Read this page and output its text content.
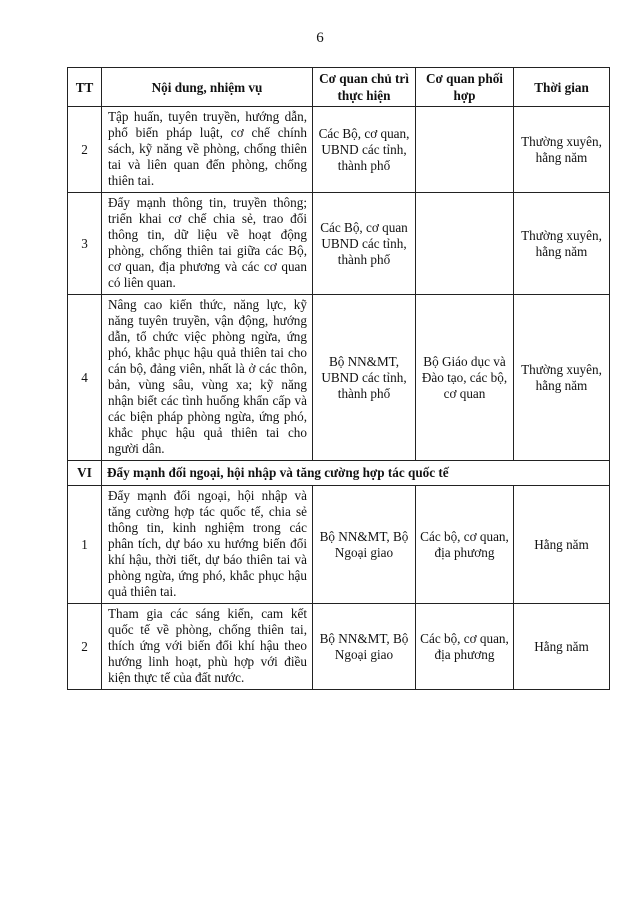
6
TT	Nội dung, nhiệm vụ	Cơ quan chủ trì thực hiện	Cơ quan phối hợp	Thời gian
2	Tập huấn, tuyên truyền, hướng dẫn, phổ biến pháp luật, cơ chế chính sách, kỹ năng về phòng, chống thiên tai và liên quan đến phòng, chống thiên tai.	Các Bộ, cơ quan, UBND các tỉnh, thành phố		Thường xuyên, hằng năm
3	Đẩy mạnh thông tin, truyền thông; triển khai cơ chế chia sẻ, trao đổi thông tin, dữ liệu về hoạt động phòng, chống thiên tai giữa các Bộ, cơ quan, địa phương và các cơ quan có liên quan.	Các Bộ, cơ quan UBND các tỉnh, thành phố		Thường xuyên, hằng năm
4	Nâng cao kiến thức, năng lực, kỹ năng tuyên truyền, vận động, hướng dẫn, tổ chức việc phòng ngừa, ứng phó, khắc phục hậu quả thiên tai cho cán bộ, đảng viên, nhất là ở các thôn, bản, vùng sâu, vùng xa; kỹ năng nhận biết các tình huống khẩn cấp và các biện pháp phòng ngừa, ứng phó, khắc phục hậu quả thiên tai cho người dân.	Bộ NN&MT, UBND các tỉnh, thành phố	Bộ Giáo dục và Đào tạo, các bộ, cơ quan	Thường xuyên, hằng năm
VI	Đẩy mạnh đối ngoại, hội nhập và tăng cường hợp tác quốc tế			
1	Đẩy mạnh đối ngoại, hội nhập và tăng cường hợp tác quốc tế, chia sẻ thông tin, kinh nghiệm trong các phân tích, dự báo xu hướng biến đổi khí hậu, thời tiết, dự báo thiên tai và phòng ngừa, ứng phó, khắc phục hậu quả thiên tai.	Bộ NN&MT, Bộ Ngoại giao	Các bộ, cơ quan, địa phương	Hằng năm
2	Tham gia các sáng kiến, cam kết quốc tế về phòng, chống thiên tai, thích ứng với biến đổi khí hậu theo hướng linh hoạt, phù hợp với điều kiện thực tế của đất nước.	Bộ NN&MT, Bộ Ngoại giao	Các bộ, cơ quan, địa phương	Hằng năm
